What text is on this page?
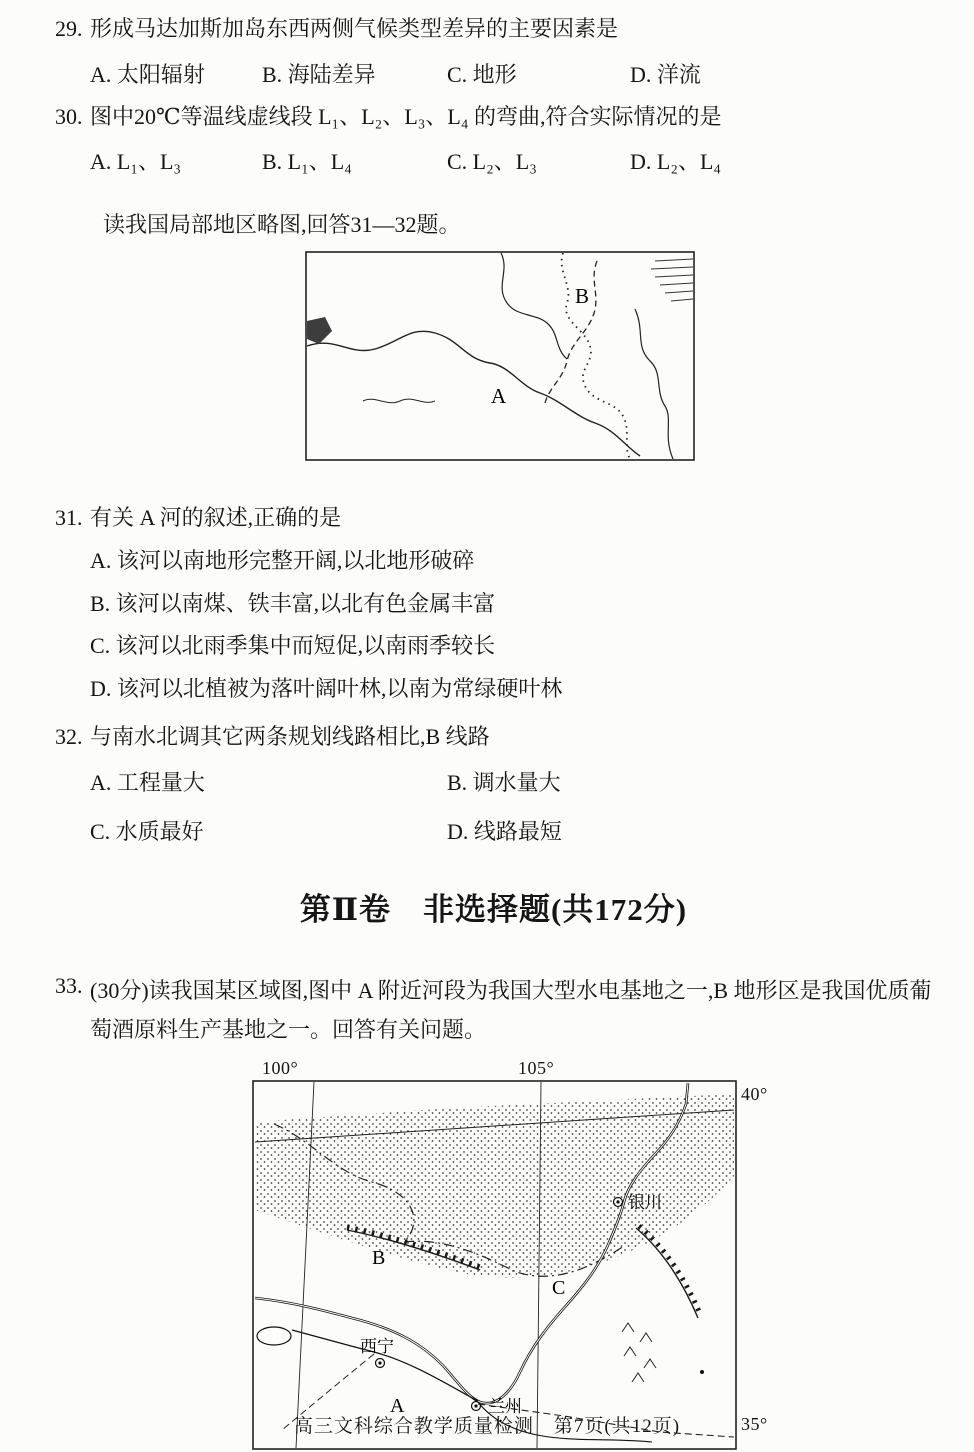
29. 形成马达加斯加岛东西两侧气候类型差异的主要因素是
A. 太阳辐射	B. 海陆差异	C. 地形	D. 洋流
30. 图中20℃等温线虚线段 L₁、L₂、L₃、L₄ 的弯曲,符合实际情况的是
A. L₁、L₃	B. L₁、L₄	C. L₂、L₃	D. L₂、L₄
读我国局部地区略图,回答31—32题。
B
A
31. 有关 A 河的叙述,正确的是
A. 该河以南地形完整开阔,以北地形破碎
B. 该河以南煤、铁丰富,以北有色金属丰富
C. 该河以北雨季集中而短促,以南雨季较长
D. 该河以北植被为落叶阔叶林,以南为常绿硬叶林
32. 与南水北调其它两条规划线路相比,B 线路
A. 工程量大	B. 调水量大
C. 水质最好	D. 线路最短
第Ⅱ卷　非选择题(共172分)
33. (30分)读我国某区域图,图中 A 附近河段为我国大型水电基地之一,B 地形区是我国优质葡萄酒原料生产基地之一。回答有关问题。
100°	105°
40°
35°
西宁
兰州
银川
B
A
C
高三文科综合教学质量检测　第7页(共12页)
